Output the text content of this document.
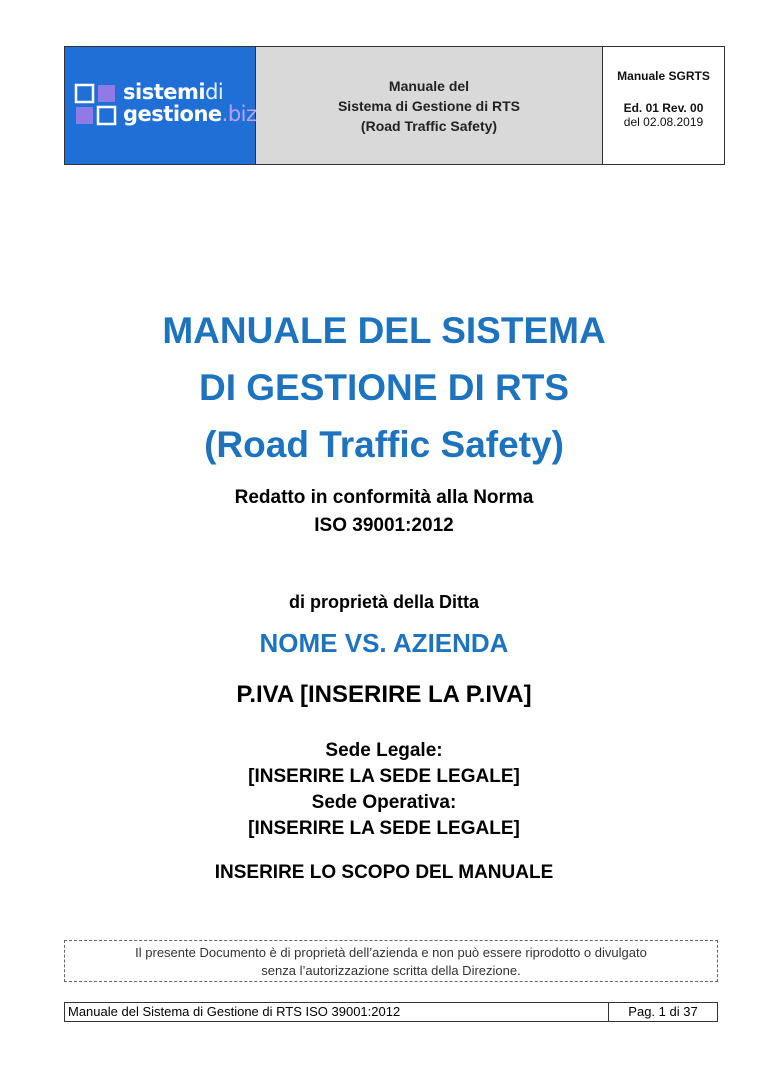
sistemidi
gestione.biz
Manuale del
Sistema di Gestione di RTS
(Road Traffic Safety)
Manuale SGRTS
Ed. 01 Rev. 00
del 02.08.2019
MANUALE DEL SISTEMA
DI GESTIONE DI RTS
(Road Traffic Safety)
Redatto in conformità alla Norma
ISO 39001:2012
di proprietà della Ditta
NOME VS. AZIENDA
P.IVA [INSERIRE LA P.IVA]
Sede Legale:
[INSERIRE LA SEDE LEGALE]
Sede Operativa:
[INSERIRE LA SEDE LEGALE]
INSERIRE LO SCOPO DEL MANUALE
Il presente Documento è di proprietà dell’azienda e non può essere riprodotto o divulgato
senza l’autorizzazione scritta della Direzione.
Manuale del Sistema di Gestione di RTS ISO 39001:2012	Pag. 1 di 37
